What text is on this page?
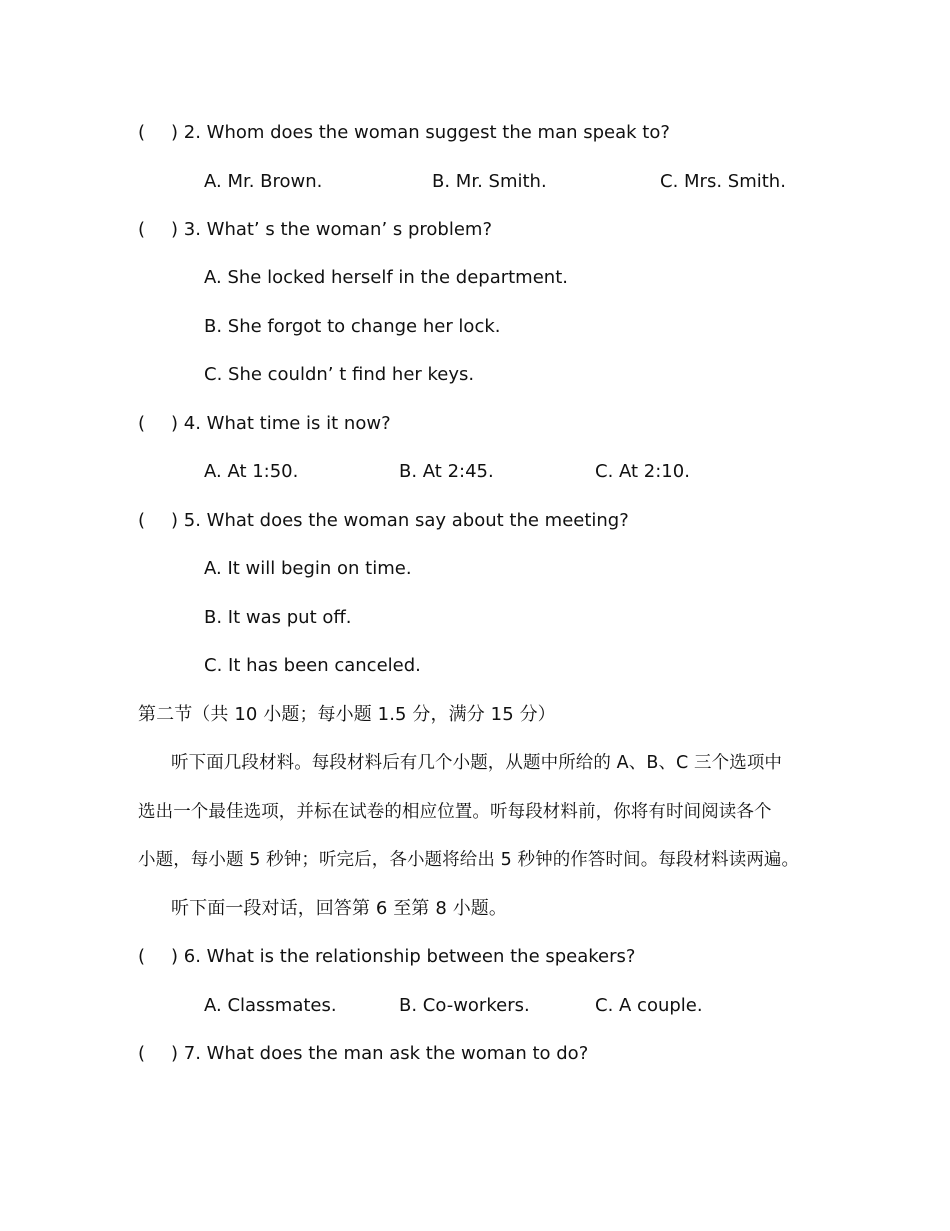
( ) 2. Whom does the woman suggest the man speak to?
A. Mr. Brown.	B. Mr. Smith.	C. Mrs. Smith.
( ) 3. What’ s the woman’ s problem?
A. She locked herself in the department.
B. She forgot to change her lock.
C. She couldn’ t find her keys.
( ) 4. What time is it now?
A. At 1:50.	B. At 2:45.	C. At 2:10.
( ) 5. What does the woman say about the meeting?
A. It will begin on time.
B. It was put off.
C. It has been canceled.
第二节（共 10 小题；每小题 1.5 分，满分 15 分）
听下面几段材料。每段材料后有几个小题，从题中所给的 A、B、C 三个选项中
选出一个最佳选项，并标在试卷的相应位置。听每段材料前，你将有时间阅读各个
小题，每小题 5 秒钟；听完后，各小题将给出 5 秒钟的作答时间。每段材料读两遍。
听下面一段对话，回答第 6 至第 8 小题。
( ) 6. What is the relationship between the speakers?
A. Classmates.	B. Co-workers.	C. A couple.
( ) 7. What does the man ask the woman to do?
